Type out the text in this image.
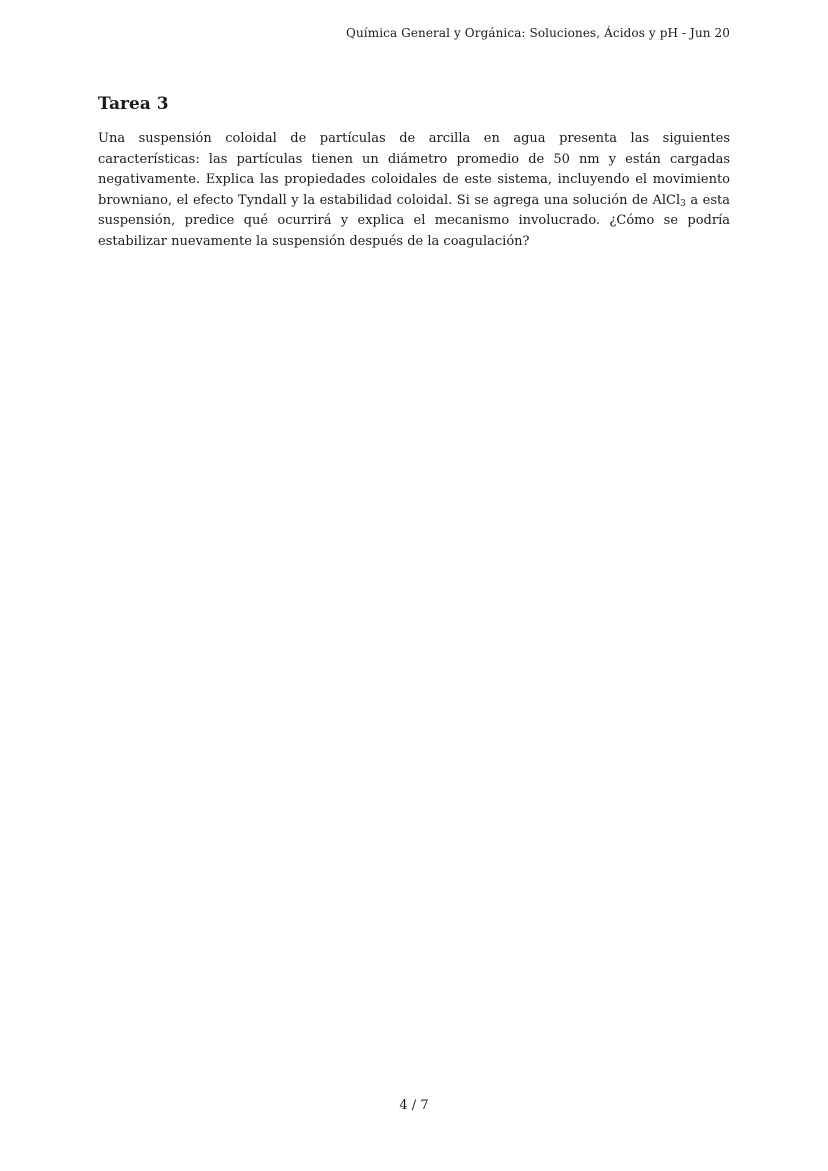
Química General y Orgánica: Soluciones, Ácidos y pH - Jun 20
Tarea 3

Una suspensión coloidal de partículas de arcilla en agua presenta las siguientes características: las partículas tienen un diámetro promedio de 50 nm y están cargadas negativamente. Explica las propiedades coloidales de este sistema, incluyendo el movimiento browniano, el efecto Tyndall y la estabilidad coloidal. Si se agrega una solución de AlCl$_3$ a esta suspensión, predice qué ocurrirá y explica el mecanismo involucrado. ¿Cómo se podría estabilizar nuevamente la suspensión después de la coagulación?

4 / 7
